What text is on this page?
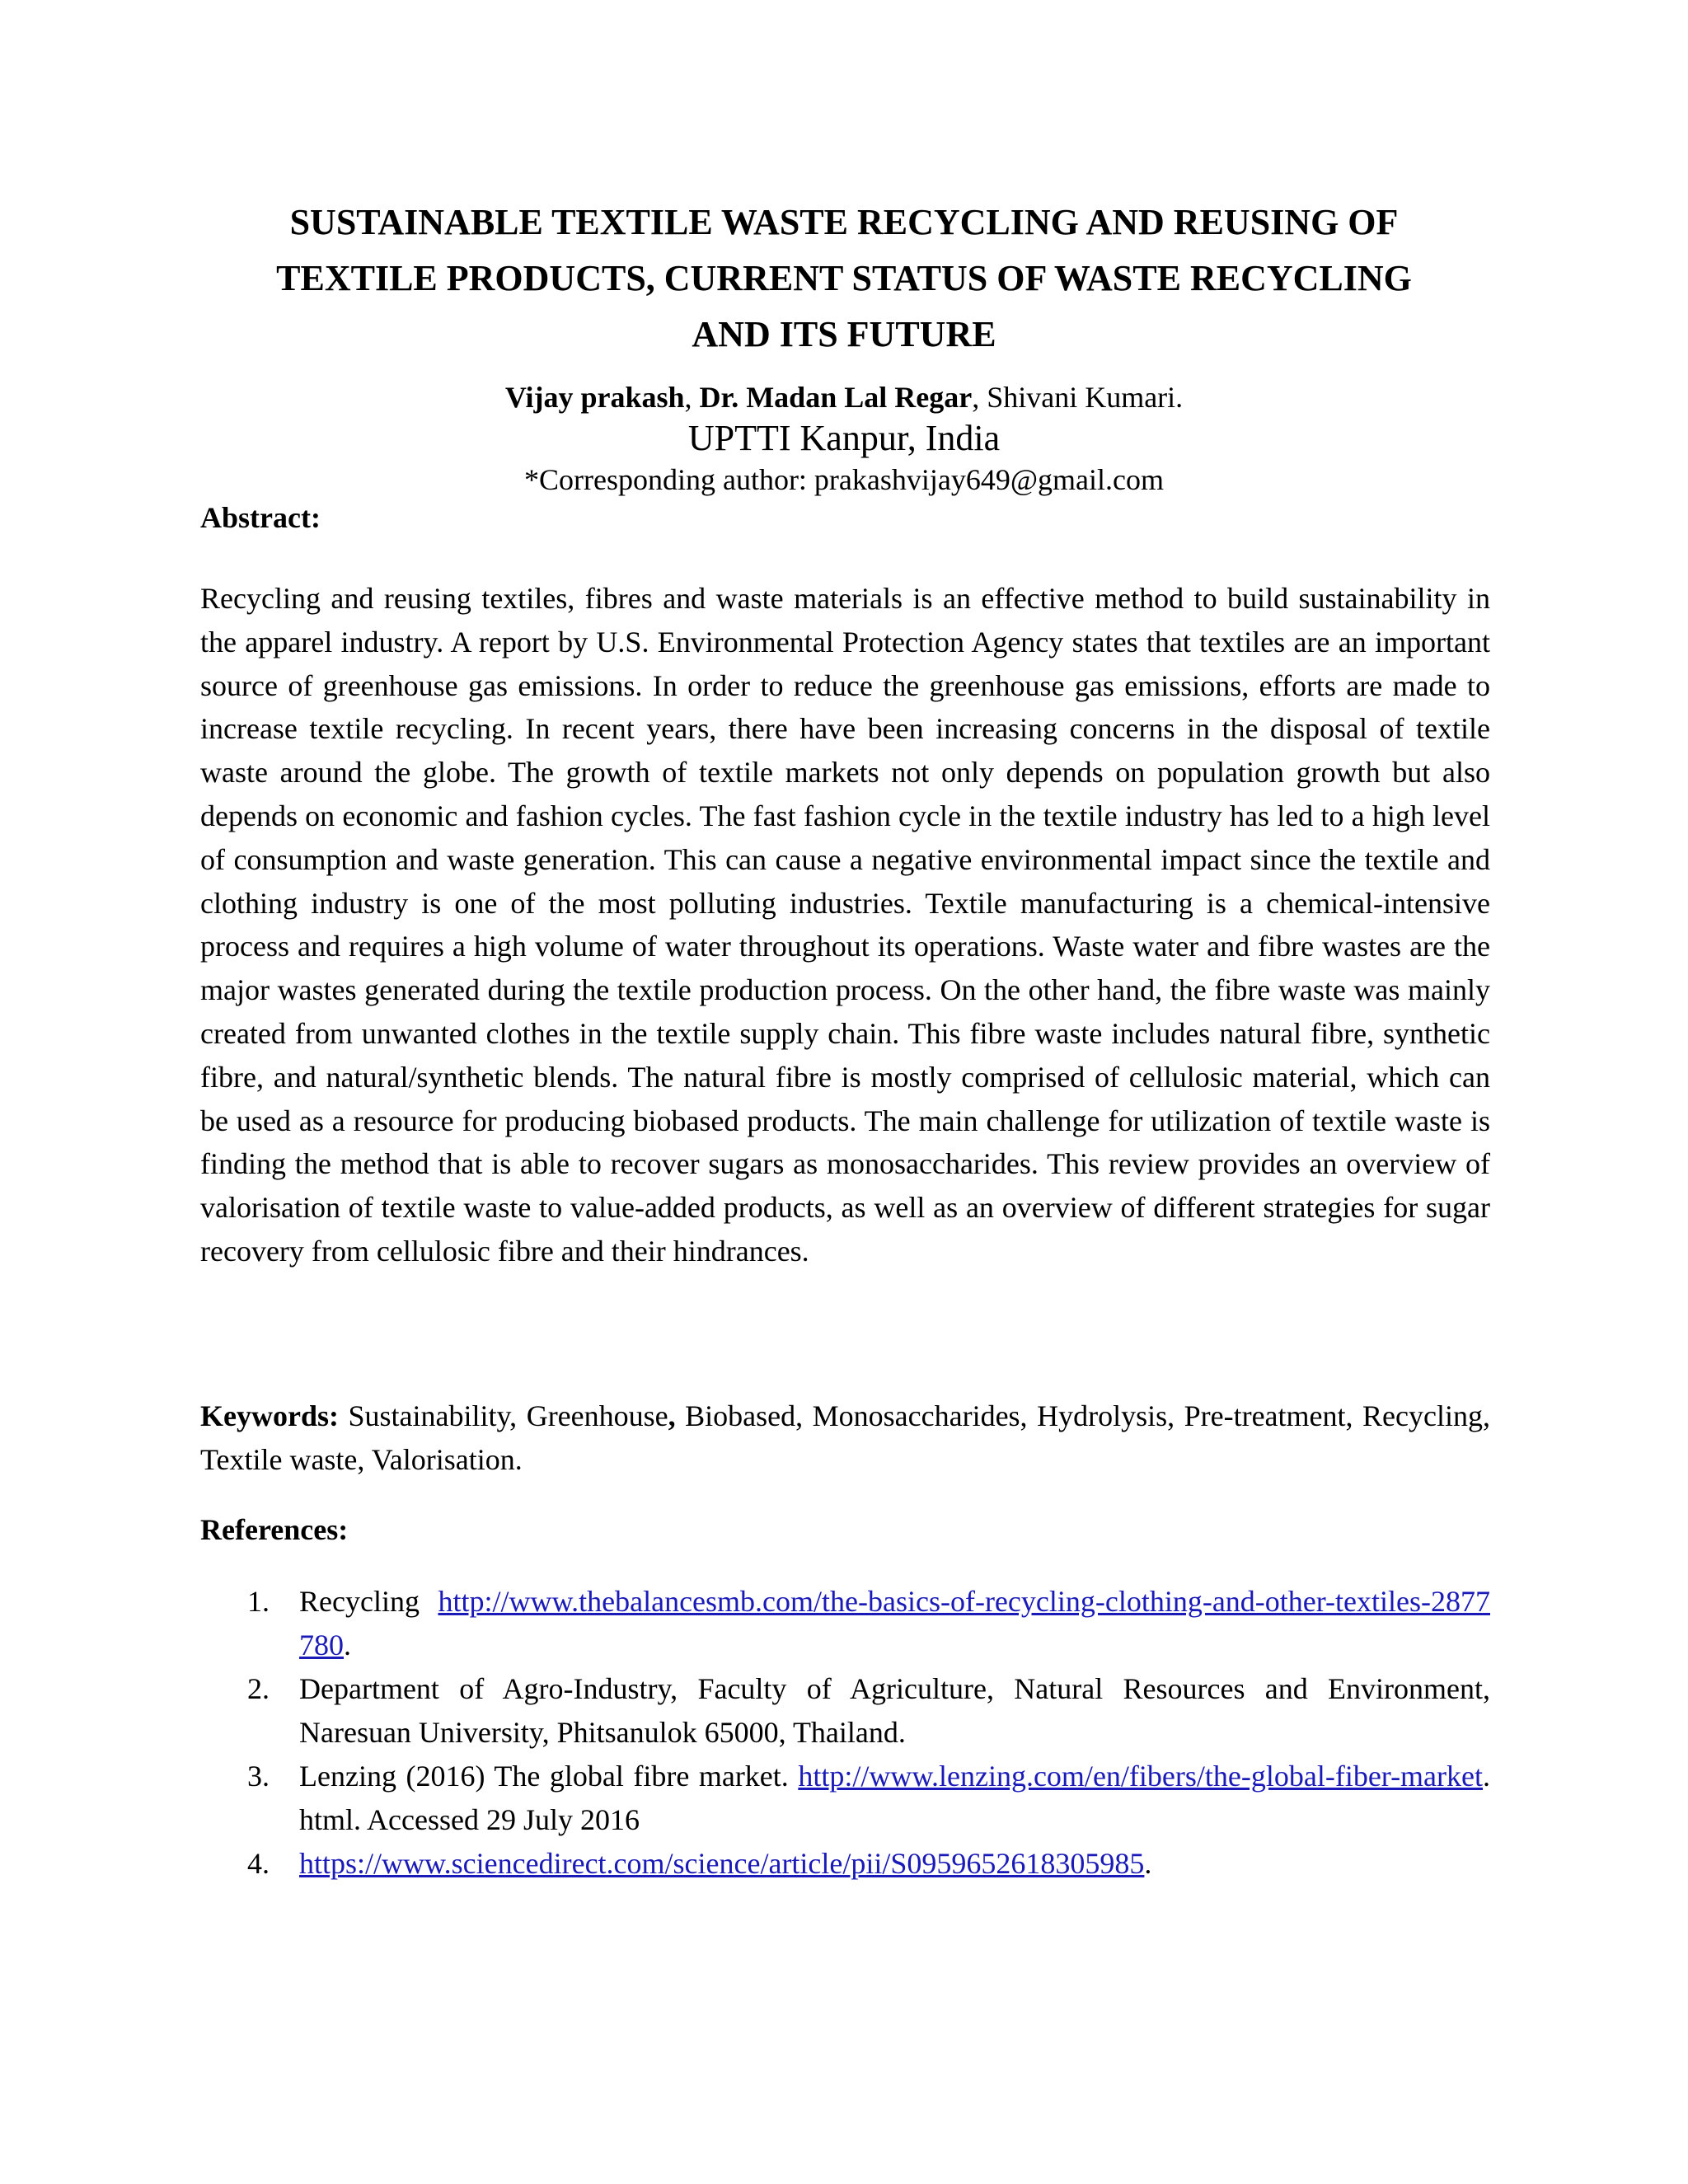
SUSTAINABLE TEXTILE WASTE RECYCLING AND REUSING OF
TEXTILE PRODUCTS, CURRENT STATUS OF WASTE RECYCLING
AND ITS FUTURE
Vijay prakash, Dr. Madan Lal Regar, Shivani Kumari.
UPTTI Kanpur, India
*Corresponding author: prakashvijay649@gmail.com
Abstract:

Recycling and reusing textiles, fibres and waste materials is an effective method to build sustainability in the apparel industry. A report by U.S. Environmental Protection Agency states that textiles are an important source of greenhouse gas emissions. In order to reduce the greenhouse gas emissions, efforts are made to increase textile recycling. In recent years, there have been increasing concerns in the disposal of textile waste around the globe. The growth of textile markets not only depends on population growth but also depends on economic and fashion cycles. The fast fashion cycle in the textile industry has led to a high level of consumption and waste generation. This can cause a negative environmental impact since the textile and clothing industry is one of the most polluting industries. Textile manufacturing is a chemical-intensive process and requires a high volume of water throughout its operations. Waste water and fibre wastes are the major wastes generated during the textile production process. On the other hand, the fibre waste was mainly created from unwanted clothes in the textile supply chain. This fibre waste includes natural fibre, synthetic fibre, and natural/synthetic blends. The natural fibre is mostly comprised of cellulosic material, which can be used as a resource for producing biobased products. The main challenge for utilization of textile waste is finding the method that is able to recover sugars as monosaccharides. This review provides an overview of valorisation of textile waste to value-added products, as well as an overview of different strategies for sugar recovery from cellulosic fibre and their hindrances.

Keywords: Sustainability, Greenhouse, Biobased, Monosaccharides, Hydrolysis, Pre-treatment, Recycling, Textile waste, Valorisation.

References:
1. Recycling  http://www.thebalancesmb.com/the-basics-of-recycling-clothing-and-other-textiles-2877780.
2. Department of Agro-Industry, Faculty of Agriculture, Natural Resources and Environment, Naresuan University, Phitsanulok 65000, Thailand.
3. Lenzing (2016) The global fibre market. http://www.lenzing.com/en/fibers/the-global-fiber-market. html. Accessed 29 July 2016
4. https://www.sciencedirect.com/science/article/pii/S0959652618305985.
